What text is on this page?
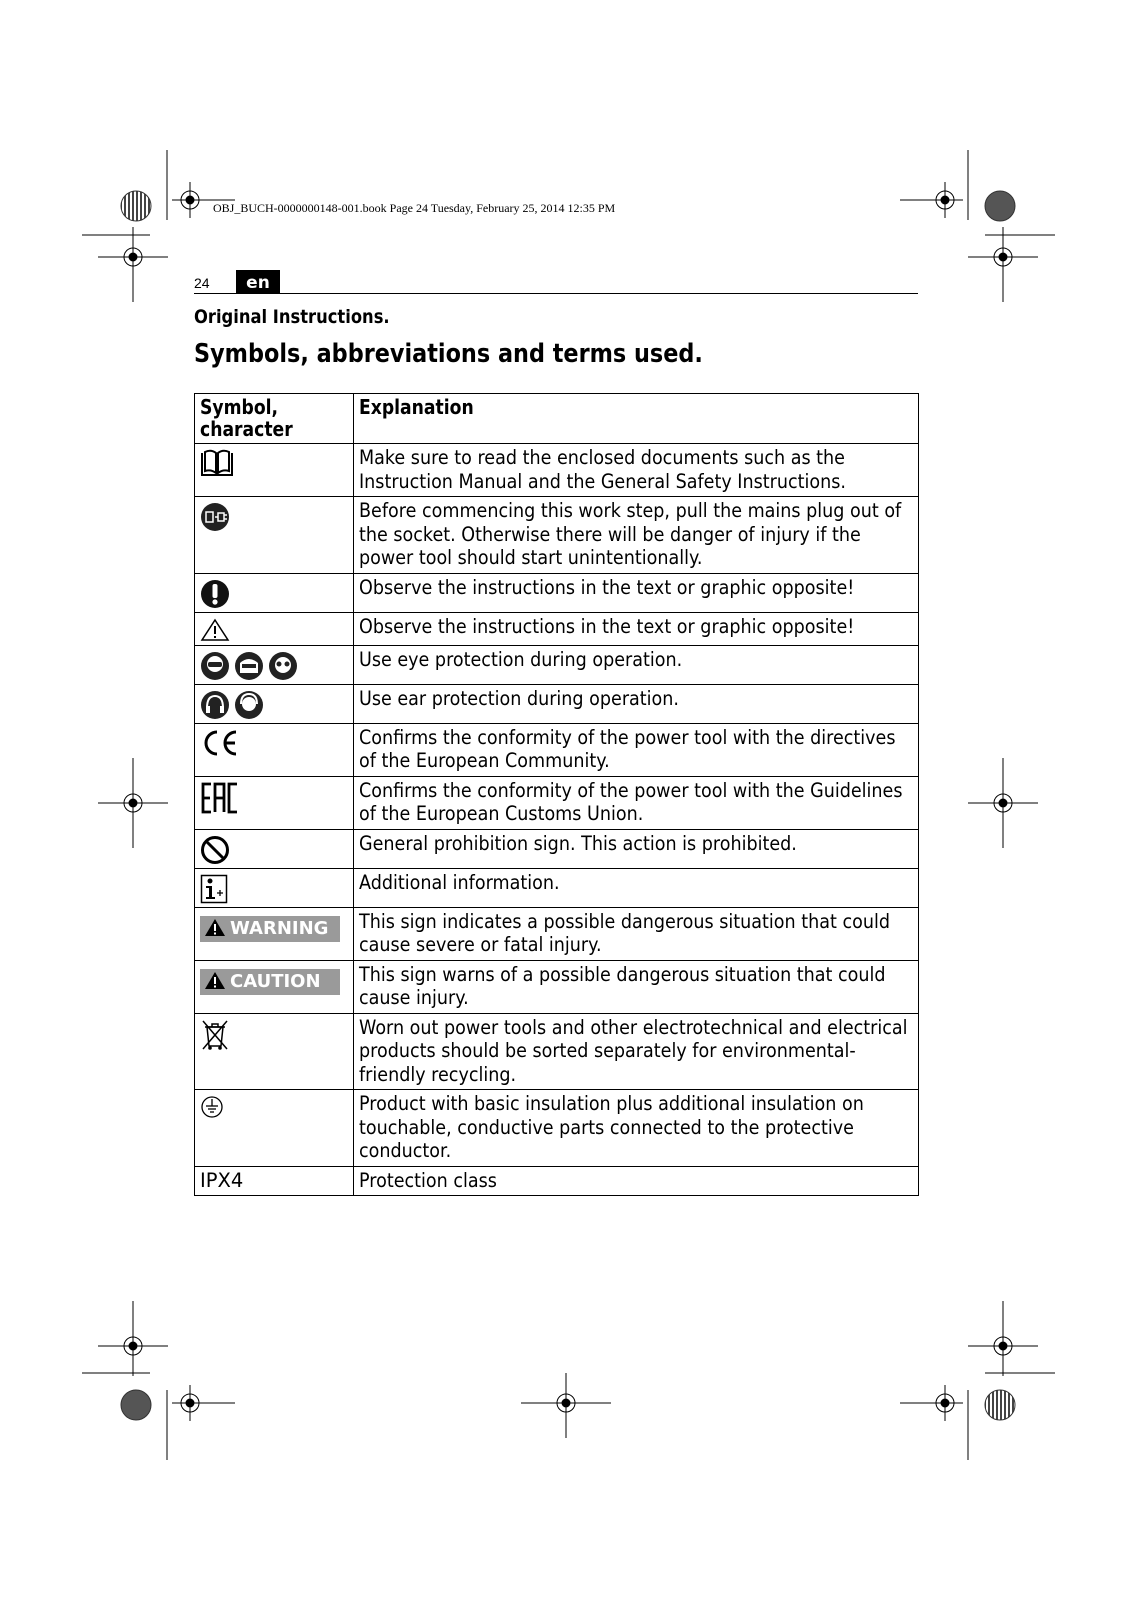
OBJ_BUCH-0000000148-001.book Page 24 Tuesday, February 25, 2014 12:35 PM
24	en
Original Instructions.
Symbols, abbreviations and terms used.
Symbol,
character	Explanation
	Make sure to read the enclosed documents such as the Instruction Manual and the General Safety Instructions.
	Before commencing this work step, pull the mains plug out of the socket. Otherwise there will be danger of injury if the power tool should start unintentionally.
	Observe the instructions in the text or graphic opposite!
	Observe the instructions in the text or graphic opposite!
	Use eye protection during operation.
	Use ear protection during operation.
	Confirms the conformity of the power tool with the directives of the European Community.
	Confirms the conformity of the power tool with the Guidelines of the European Customs Union.
	General prohibition sign. This action is prohibited.
	Additional information.
WARNING	This sign indicates a possible dangerous situation that could cause severe or fatal injury.
CAUTION	This sign warns of a possible dangerous situation that could cause injury.
	Worn out power tools and other electrotechnical and electrical products should be sorted separately for environmental-friendly recycling.
	Product with basic insulation plus additional insulation on touchable, conductive parts connected to the protective conductor.
IPX4	Protection class
